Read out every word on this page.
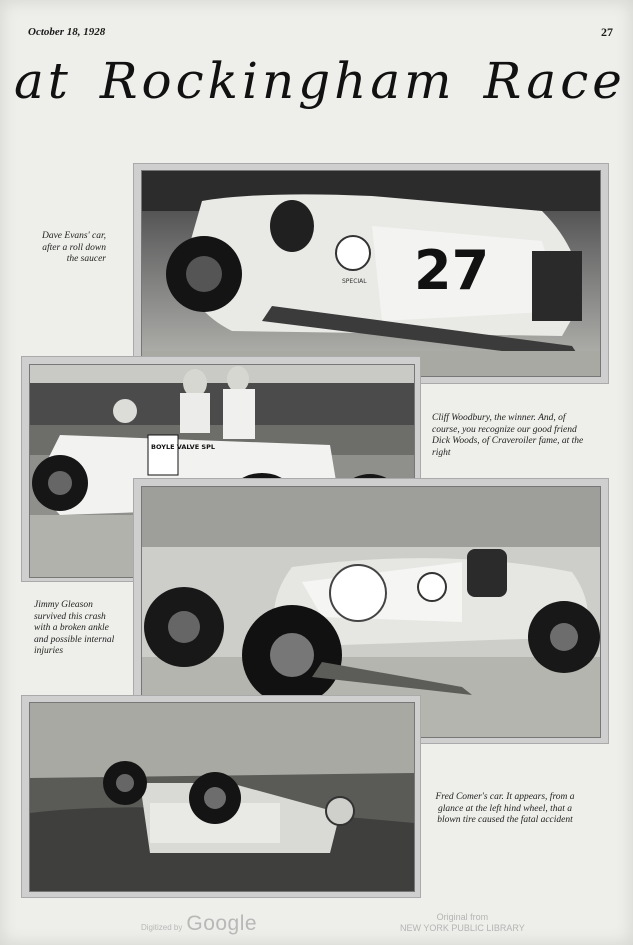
October 18, 1928	27
at Rockingham Race
27
SPECIAL
Dave Evans' car, after a roll down the saucer
BOYLE VALVE SPL
Cliff Woodbury, the winner. And, of course, you recognize our good friend Dick Woods, of Craveroiler fame, at the right
Jimmy Gleason survived this crash with a broken ankle and possible internal injuries
Fred Comer's car. It appears, from a glance at the left hind wheel, that a blown tire caused the fatal accident
Digitized by Google	Original from
NEW YORK PUBLIC LIBRARY
